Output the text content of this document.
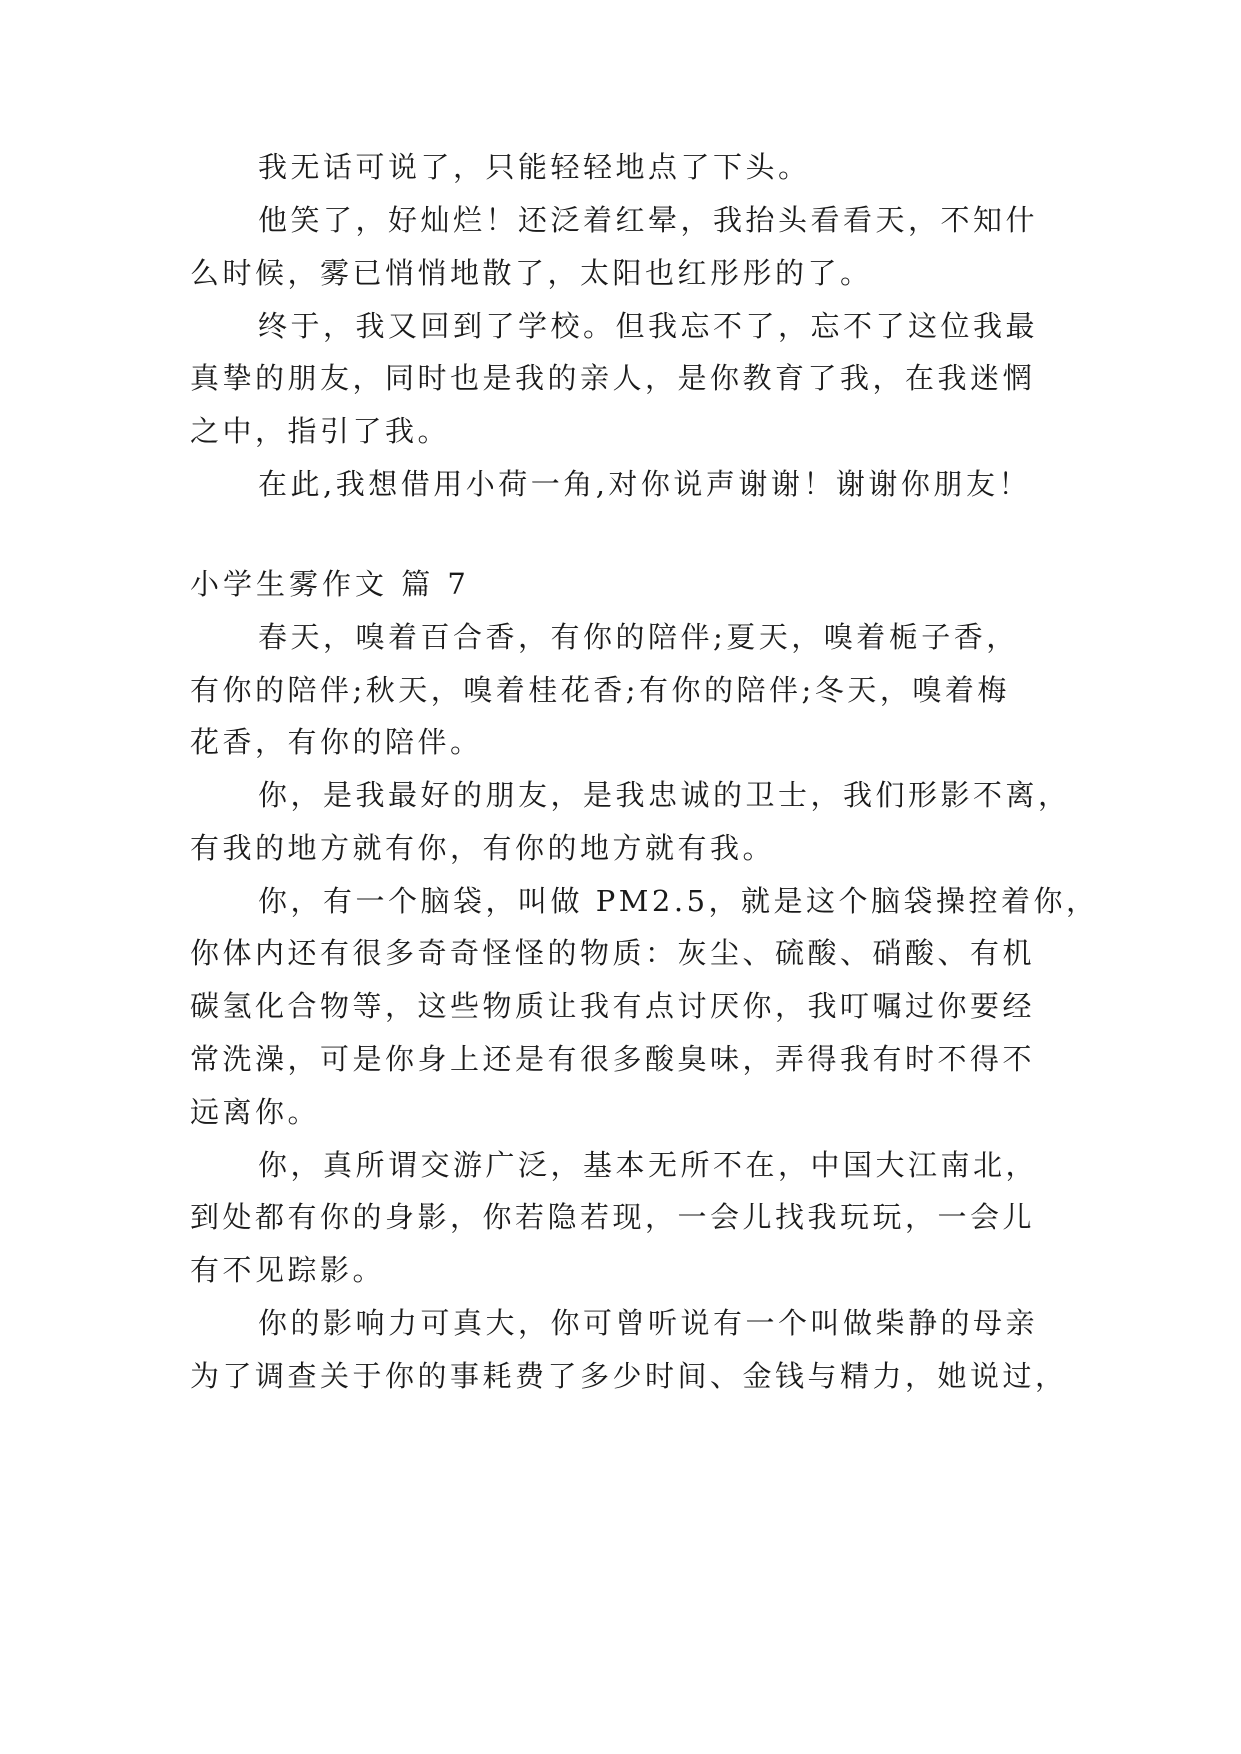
我无话可说了，只能轻轻地点了下头。
他笑了，好灿烂！还泛着红晕，我抬头看看天，不知什
么时候，雾已悄悄地散了，太阳也红彤彤的了。
终于，我又回到了学校。但我忘不了，忘不了这位我最
真挚的朋友，同时也是我的亲人，是你教育了我，在我迷惘
之中，指引了我。
在此,我想借用小荷一角,对你说声谢谢！谢谢你朋友！
小学生雾作文 篇 7
春天，嗅着百合香，有你的陪伴;夏天，嗅着栀子香，
有你的陪伴;秋天，嗅着桂花香;有你的陪伴;冬天，嗅着梅
花香，有你的陪伴。
你，是我最好的朋友，是我忠诚的卫士，我们形影不离，
有我的地方就有你，有你的地方就有我。
你，有一个脑袋，叫做 PM2.5，就是这个脑袋操控着你，
你体内还有很多奇奇怪怪的物质：灰尘、硫酸、硝酸、有机
碳氢化合物等，这些物质让我有点讨厌你，我叮嘱过你要经
常洗澡，可是你身上还是有很多酸臭味，弄得我有时不得不
远离你。
你，真所谓交游广泛，基本无所不在，中国大江南北，
到处都有你的身影，你若隐若现，一会儿找我玩玩，一会儿
有不见踪影。
你的影响力可真大，你可曾听说有一个叫做柴静的母亲
为了调查关于你的事耗费了多少时间、金钱与精力，她说过，
